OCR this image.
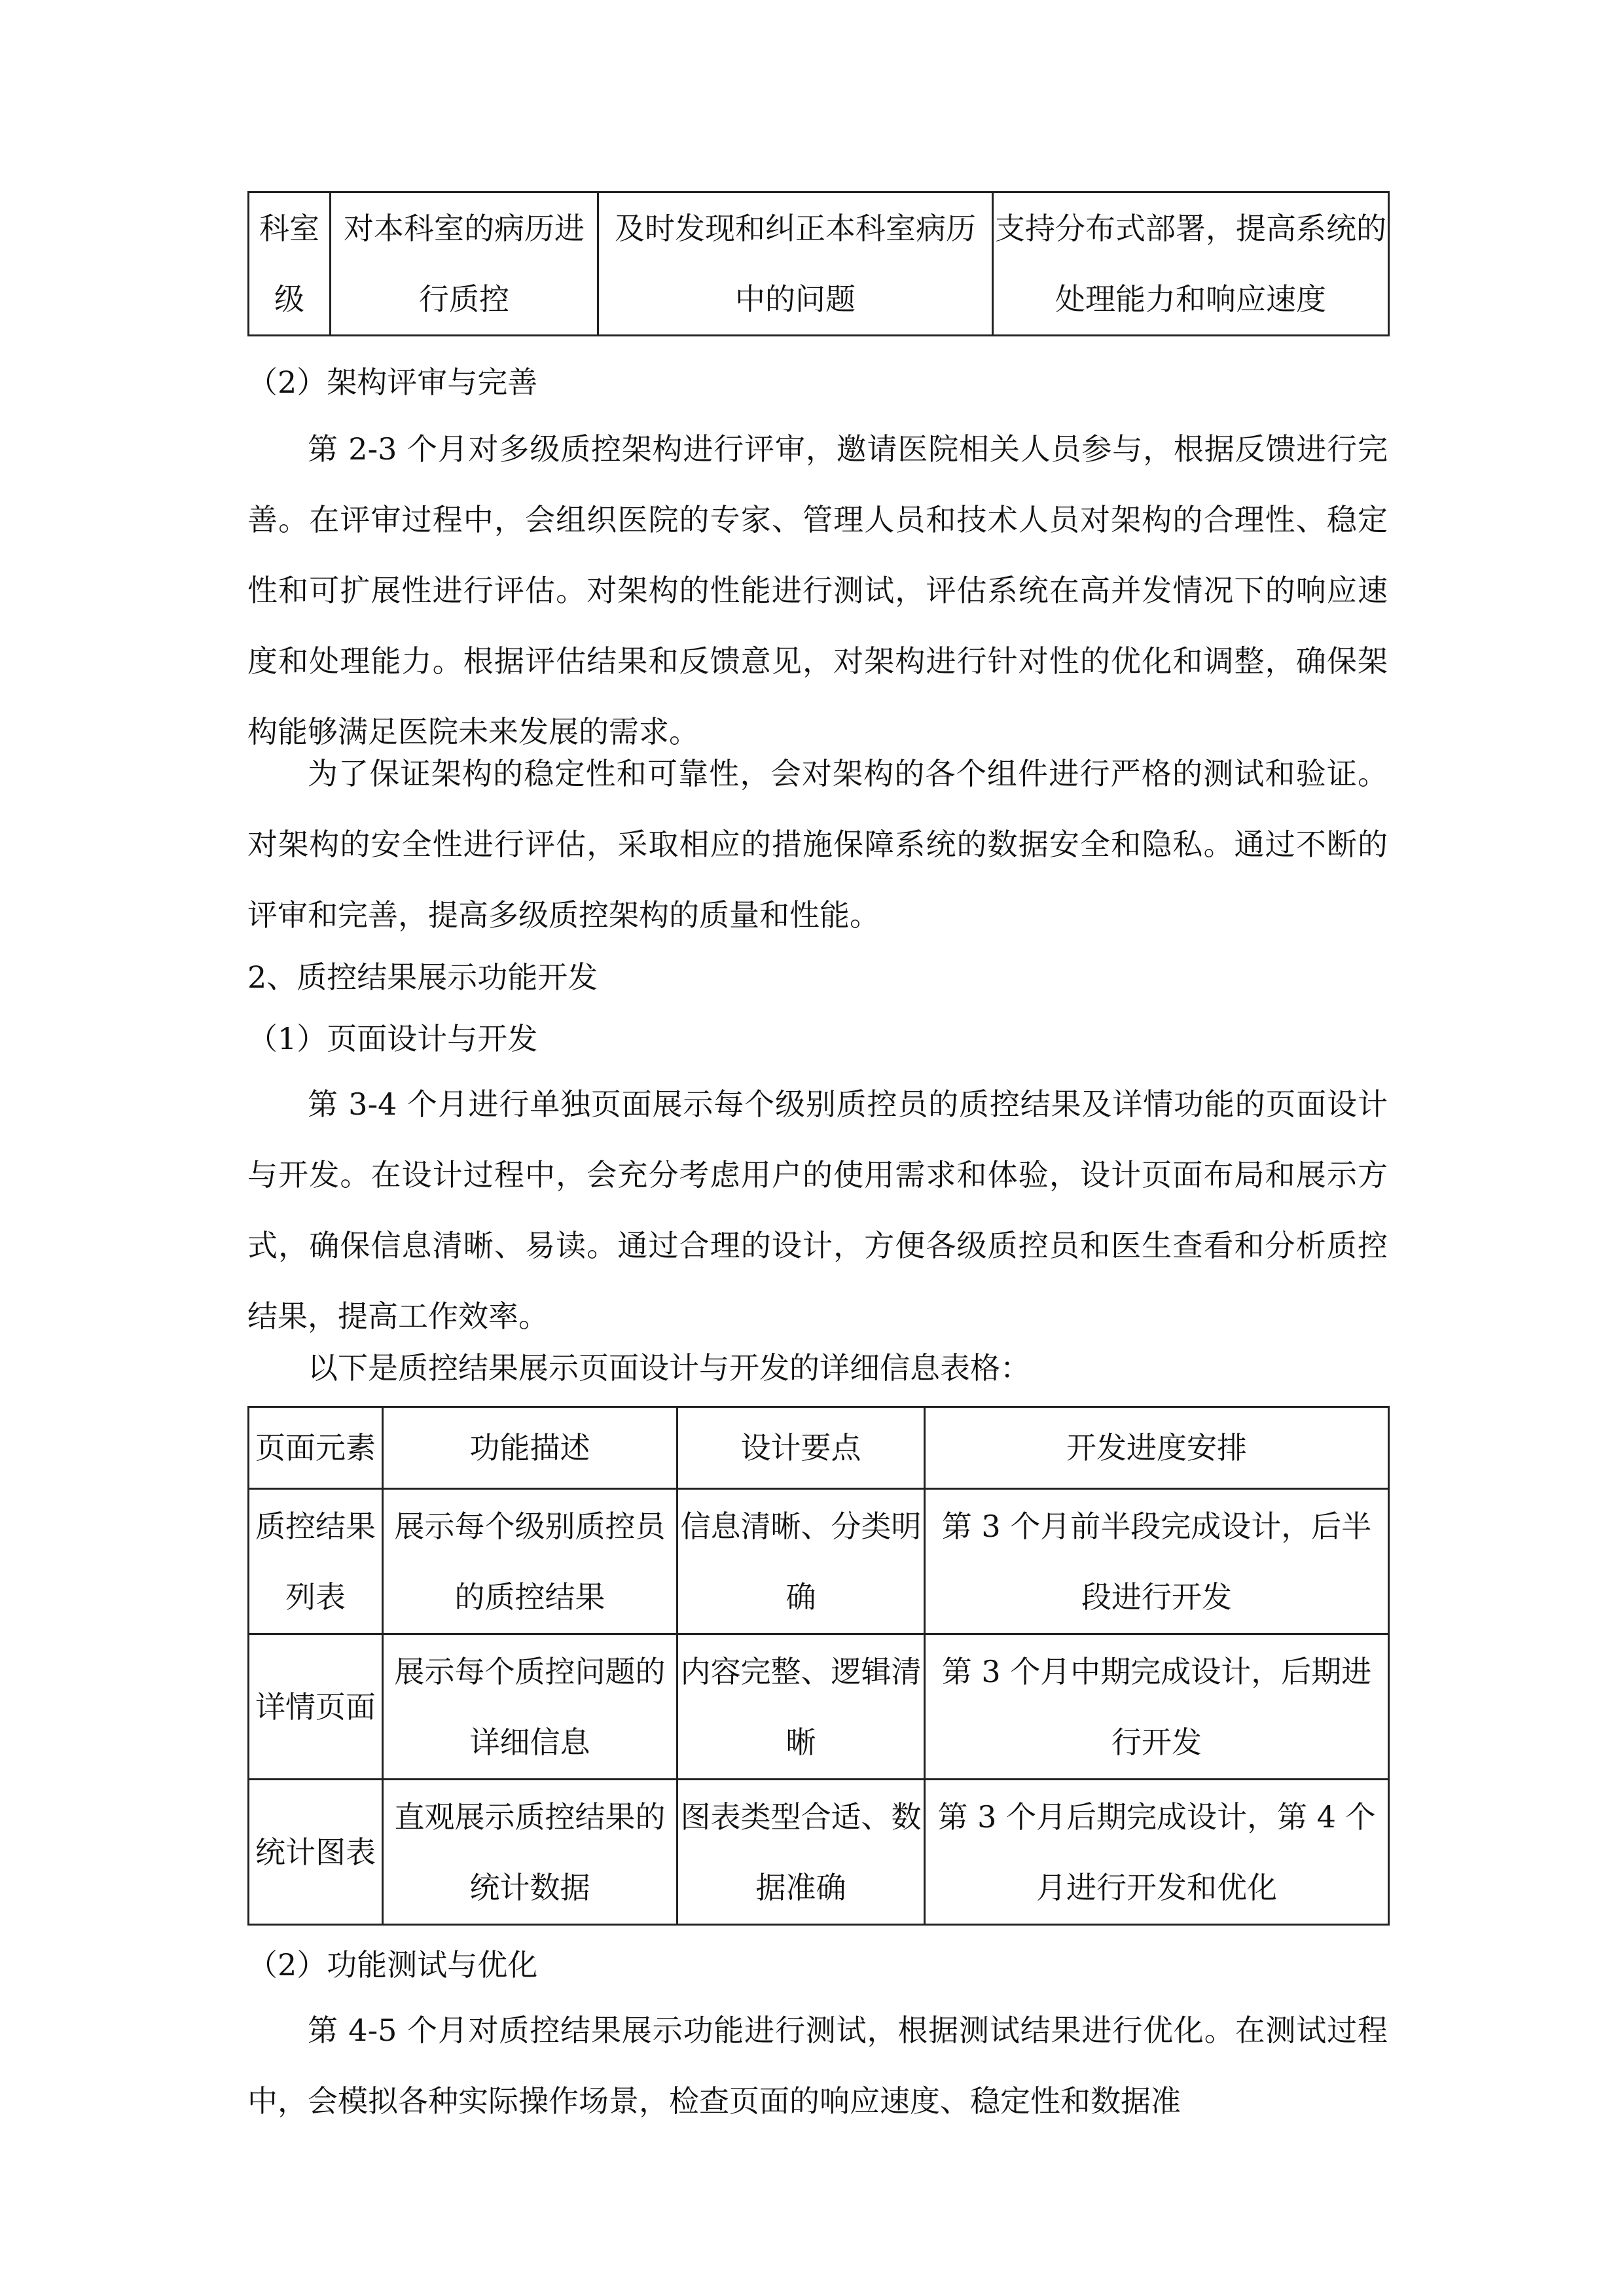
科室级	对本科室的病历进行质控	及时发现和纠正本科室病历中的问题	支持分布式部署，提高系统的处理能力和响应速度
（2）架构评审与完善

第 2-3 个月对多级质控架构进行评审，邀请医院相关人员参与，根据反馈进行完善。在评审过程中，会组织医院的专家、管理人员和技术人员对架构的合理性、稳定性和可扩展性进行评估。对架构的性能进行测试，评估系统在高并发情况下的响应速度和处理能力。根据评估结果和反馈意见，对架构进行针对性的优化和调整，确保架构能够满足医院未来发展的需求。

为了保证架构的稳定性和可靠性，会对架构的各个组件进行严格的测试和验证。对架构的安全性进行评估，采取相应的措施保障系统的数据安全和隐私。通过不断的评审和完善，提高多级质控架构的质量和性能。

2、质控结果展示功能开发
（1）页面设计与开发

第 3-4 个月进行单独页面展示每个级别质控员的质控结果及详情功能的页面设计与开发。在设计过程中，会充分考虑用户的使用需求和体验，设计页面布局和展示方式，确保信息清晰、易读。通过合理的设计，方便各级质控员和医生查看和分析质控结果，提高工作效率。

以下是质控结果展示页面设计与开发的详细信息表格：

页面元素	功能描述	设计要点	开发进度安排
质控结果列表	展示每个级别质控员的质控结果	信息清晰、分类明确	第 3 个月前半段完成设计，后半段进行开发
详情页面	展示每个质控问题的详细信息	内容完整、逻辑清晰	第 3 个月中期完成设计，后期进行开发
统计图表	直观展示质控结果的统计数据	图表类型合适、数据准确	第 3 个月后期完成设计，第 4 个月进行开发和优化
（2）功能测试与优化

第 4-5 个月对质控结果展示功能进行测试，根据测试结果进行优化。在测试过程中，会模拟各种实际操作场景，检查页面的响应速度、稳定性和数据准
